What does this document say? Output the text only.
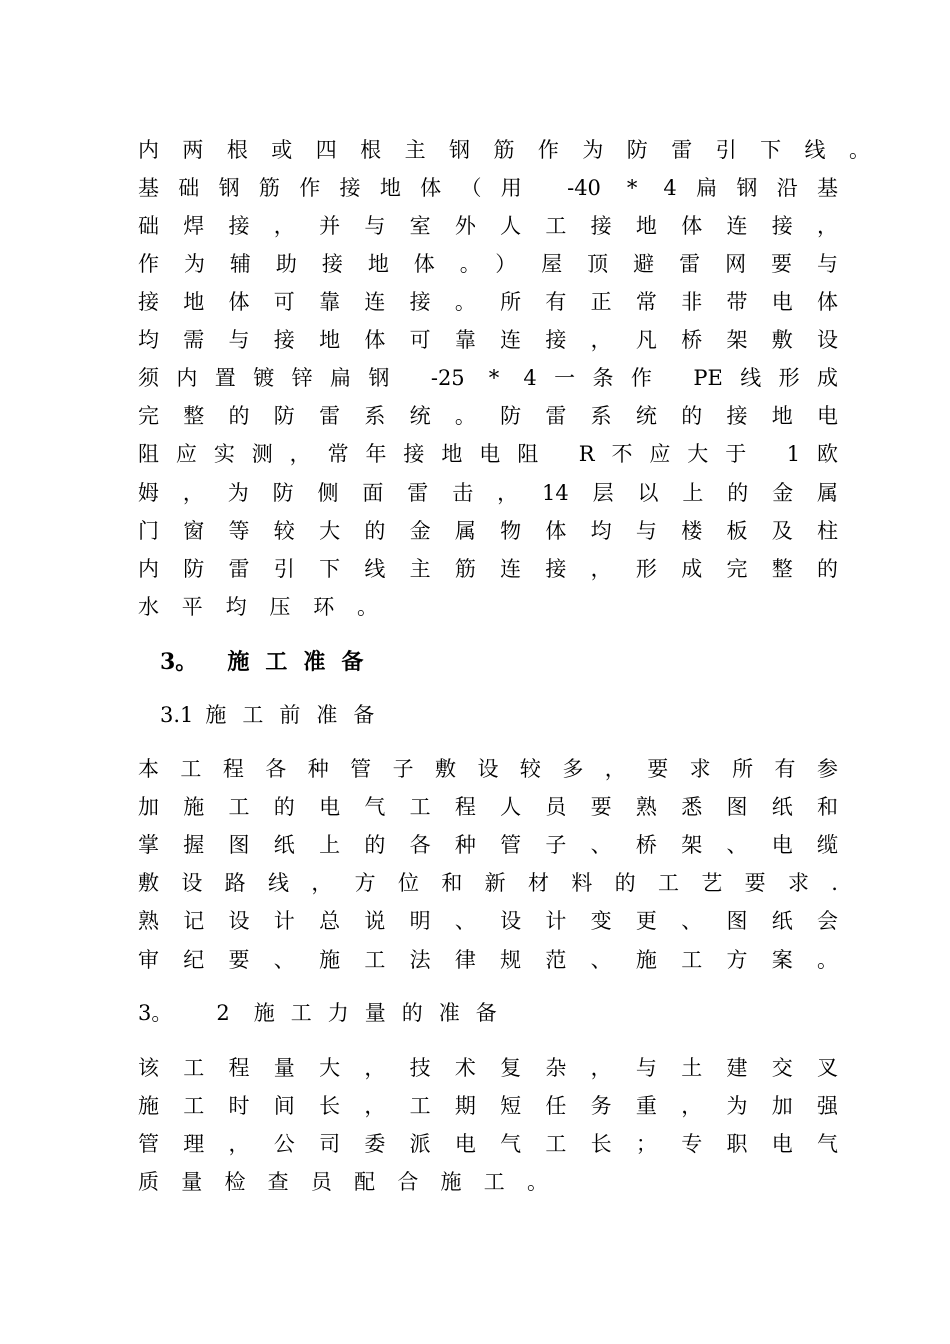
内两根或四根主钢筋作为防雷引下线。
基础钢筋作接地体（用 -40 * 4扁钢沿基
础焊接，并与室外人工接地体连接，
作为辅助接地体。）屋顶避雷网要与
接地体可靠连接。所有正常非带电体
均需与接地体可靠连接，凡桥架敷设
须内置镀锌扁钢 -25 * 4一条作 PE线形成
完整的防雷系统。防雷系统的接地电
阻应实测，常年接地电阻 R不应大于 1欧
姆，为防侧面雷击，14层以上的金属
门窗等较大的金属物体均与楼板及柱
内防雷引下线主筋连接，形成完整的
水平均压环。
3。 施工准备
3.1 施工前准备
本工程各种管子敷设较多，要求所有参
加施工的电气工程人员要熟悉图纸和
掌握图纸上的各种管子、桥架、电缆
敷设路线，方位和新材料的工艺要求.
熟记设计总说明、设计变更、图纸会
审纪要、施工法律规范、施工方案。
3。 2 施工力量的准备
该工程量大，技术复杂，与土建交叉
施工时间长，工期短任务重，为加强
管理，公司委派电气工长；专职电气
质量检查员配合施工。
